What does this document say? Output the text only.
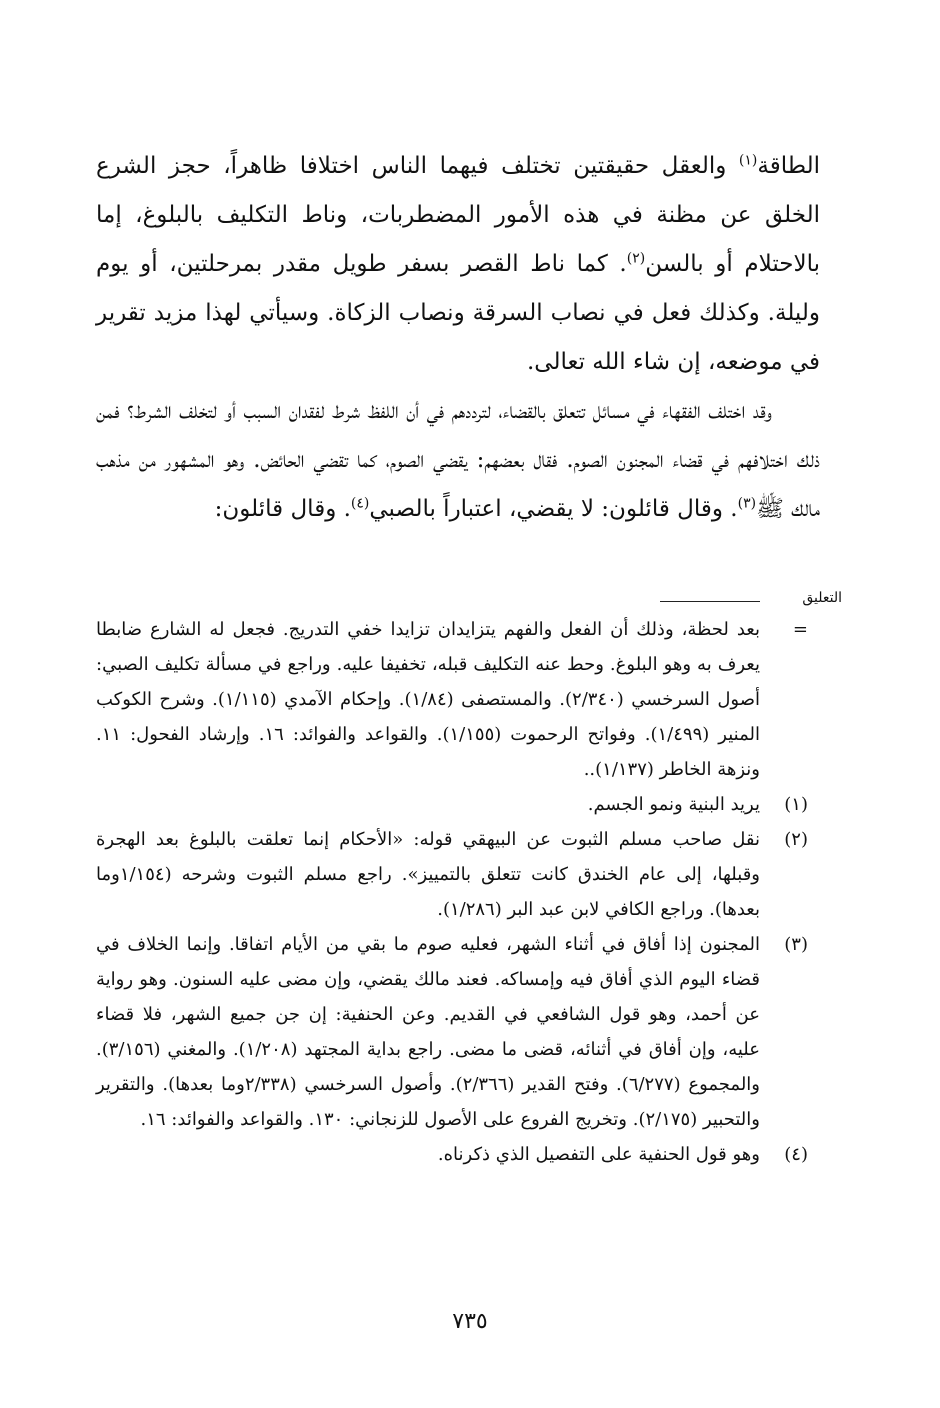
الطاقة$^{(١)}$ والعقل حقيقتين تختلف فيهما الناس اختلافا ظاهراً، حجز الشرع الخلق عن مظنة في هذه الأمور المضطربات، وناط التكليف بالبلوغ، إما بالاحتلام أو بالسن$^{(٢)}$. كما ناط القصر بسفر طويل مقدر بمرحلتين، أو يوم وليلة. وكذلك فعل في نصاب السرقة ونصاب الزكاة. وسيأتي لهذا مزيد تقرير في موضعه، إن شاء الله تعالى.

وقد اختلف الفقهاء في مسائل تتعلق بالقضاء، لترددهم في أن اللفظ شرط لفقدان السبب أو لتخلف الشرط؟ فمن ذلك اختلافهم في قضاء المجنون الصوم. فقال بعضهم: يقضي الصوم، كما تقضي الحائض. وهو المشهور من مذهب مالك ﷺ$^{(٣)}$. وقال قائلون: لا يقضي، اعتباراً بالصبي$^{(٤)}$. وقال قائلون:

التعليق
=

بعد لحظة، وذلك أن الفعل والفهم يتزايدان تزايدا خفي التدريج. فجعل له الشارع ضابطا يعرف به وهو البلوغ. وحط عنه التكليف قبله، تخفيفا عليه. وراجع في مسألة تكليف الصبي: أصول السرخسي (٢/٣٤٠). والمستصفى (١/٨٤). وإحكام الآمدي (١/١١٥). وشرح الكوكب المنير (١/٤٩٩). وفواتح الرحموت (١/١٥٥). والقواعد والفوائد: ١٦. وإرشاد الفحول: ١١. ونزهة الخاطر (١/١٣٧)..

(١)

يريد البنية ونمو الجسم.

(٢)

نقل صاحب مسلم الثبوت عن البيهقي قوله: «الأحكام إنما تعلقت بالبلوغ بعد الهجرة وقبلها، إلى عام الخندق كانت تتعلق بالتمييز». راجع مسلم الثبوت وشرحه (١/١٥٤وما بعدها). وراجع الكافي لابن عبد البر (١/٢٨٦).

(٣)

المجنون إذا أفاق في أثناء الشهر، فعليه صوم ما بقي من الأيام اتفاقا. وإنما الخلاف في قضاء اليوم الذي أفاق فيه وإمساكه. فعند مالك يقضي، وإن مضى عليه السنون. وهو رواية عن أحمد، وهو قول الشافعي في القديم. وعن الحنفية: إن جن جميع الشهر، فلا قضاء عليه، وإن أفاق في أثنائه، قضى ما مضى. راجع بداية المجتهد (١/٢٠٨). والمغني (٣/١٥٦). والمجموع (٦/٢٧٧). وفتح القدير (٢/٣٦٦). وأصول السرخسي (٢/٣٣٨وما بعدها). والتقرير والتحبير (٢/١٧٥). وتخريج الفروع على الأصول للزنجاني: ١٣٠. والقواعد والفوائد: ١٦.

(٤)

وهو قول الحنفية على التفصيل الذي ذكرناه.

٧٣٥
